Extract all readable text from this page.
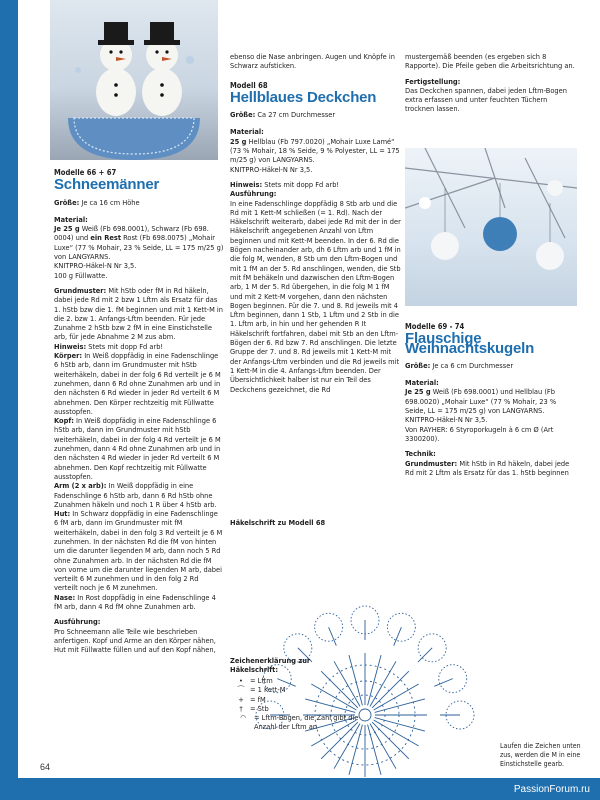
Modelle 66 + 67
Schneemänner

Größe: Je ca 16 cm Höhe

Material:
Je 25 g Weiß (Fb 698.0001), Schwarz (Fb 698. 0004) und ein Rest Rost (Fb 698.0075) „Mohair Luxe“ (77 % Mohair, 23 % Seide, LL = 175 m/25 g) von LANGYARNS.
KNITPRO-Häkel-N Nr 3,5.
100 g Füllwatte.

Grundmuster: Mit hStb oder fM in Rd häkeln, dabei jede Rd mit 2 bzw 1 Lftm als Ersatz für das 1. hStb bzw die 1. fM beginnen und mit 1 Kett-M in die 2. bzw 1. Anfangs-Lftm beenden. Für jede Zunahme 2 hStb bzw 2 fM in eine Einstichstelle arb, für jede Abnahme 2 M zus abm.
Hinweis: Stets mit dopp Fd arb!
Körper: In Weiß doppfädig in eine Fadenschlinge 6 hStb arb, dann im Grundmuster mit hStb weiterhäkeln, dabei in der folg 6 Rd verteilt je 6 M zunehmen, dann 6 Rd ohne Zunahmen arb und in den nächsten 6 Rd wieder in jeder Rd verteilt 6 M abnehmen. Den Körper rechtzeitig mit Füllwatte ausstopfen.
Kopf: In Weiß doppfädig in eine Fadenschlinge 6 hStb arb, dann im Grundmuster mit hStb weiterhäkeln, dabei in der folg 4 Rd verteilt je 6 M zunehmen, dann 4 Rd ohne Zunahmen arb und in den nächsten 4 Rd wieder in jeder Rd verteilt 6 M abnehmen. Den Kopf rechtzeitig mit Füllwatte ausstopfen.
Arm (2 x arb): In Weiß doppfädig in eine Fadenschlinge 6 hStb arb, dann 6 Rd hStb ohne Zunahmen häkeln und noch 1 R über 4 hStb arb.
Hut: In Schwarz doppfädig in eine Fadenschlinge 6 fM arb, dann im Grundmuster mit fM weiterhäkeln, dabei in den folg 3 Rd verteilt je 6 M zunehmen. In der nächsten Rd die fM von hinten um die darunter liegenden M arb, dann noch 5 Rd ohne Zunahmen arb. In der nächsten Rd die fM von vorne um die darunter liegenden M arb, dabei verteilt 6 M zunehmen und in den folg 2 Rd verteilt noch je 6 M zunehmen.
Nase: In Rost doppfädig in eine Fadenschlinge 4 fM arb, dann 4 Rd fM ohne Zunahmen arb.

Ausführung:
Pro Schneemann alle Teile wie beschrieben anfertigen. Kopf und Arme an den Körper nähen, Hut mit Füllwatte füllen und auf den Kopf nähen,

ebenso die Nase anbringen. Augen und Knöpfe in Schwarz aufsticken.

Modell 68
Hellblaues Deckchen

Größe: Ca 27 cm Durchmesser

Material:
25 g Hellblau (Fb 797.0020) „Mohair Luxe Lamé“ (73 % Mohair, 18 % Seide, 9 % Polyester, LL = 175 m/25 g) von LANGYARNS.
KNITPRO-Häkel-N Nr 3,5.

Hinweis: Stets mit dopp Fd arb!
Ausführung:
In eine Fadenschlinge doppfädig 8 Stb arb und die Rd mit 1 Kett-M schließen (= 1. Rd). Nach der Häkelschrift weiterarb, dabei jede Rd mit der in der Häkelschrift angegebenen Anzahl von Lftm beginnen und mit Kett-M beenden. In der 6. Rd die Bögen nacheinander arb, dh 6 Lftm arb und 1 fM in die folg M, wenden, 8 Stb um den Lftm-Bogen und mit 1 fM an der 5. Rd anschlingen, wenden, die Stb mit fM behäkeln und dazwischen den Lftm-Bogen arb, 1 M der 5. Rd übergehen, in die folg M 1 fM und mit 2 Kett-M vorgehen, dann den nächsten Bogen beginnen. Für die 7. und 8. Rd jeweils mit 4 Lftm beginnen, dann 1 Stb, 1 Lftm und 2 Stb in die 1. Lftm arb, in hin und her gehenden R It Häkelschrift fortfahren, dabei mit Stb an den Lftm-Bögen der 6. Rd bzw 7. Rd anschlingen. Die letzte Gruppe der 7. und 8. Rd jeweils mit 1 Kett-M mit der Anfangs-Lftm verbinden und die Rd jeweils mit 1 Kett-M in die 4. Anfangs-Lftm beenden. Der Übersichtlichkeit halber ist nur ein Teil des Deckchens gezeichnet, die Rd

mustergemäß beenden (es ergeben sich 8 Rapporte). Die Pfeile geben die Arbeitsrichtung an.

Fertigstellung:
Das Deckchen spannen, dabei jeden Lftm-Bogen extra erfassen und unter feuchten Tüchern trocknen lassen.

Modelle 69 - 74
Flauschige Weihnachtskugeln

Größe: Je ca 6 cm Durchmesser

Material:
Je 25 g Weiß (Fb 698.0001) und Hellblau (Fb 698.0020) „Mohair Luxe“ (77 % Mohair, 23 % Seide, LL = 175 m/25 g) von LANGYARNS.
KNITPRO-Häkel-N Nr 3,5.
Von RAYHER: 6 Styroporkugeln à 6 cm Ø (Art 3300200).

Technik:
Grundmuster: Mit hStb in Rd häkeln, dabei jede Rd mit 2 Lftm als Ersatz für das 1. hStb beginnen

Häkelschrift zu Modell 68
Zeichenerklärung zur Häkelschrift:
• = Lftm
⌒ = 1 Kett-M
+ = fM
† = Stb
◠	= Lftm-Bogen, die Zahl gibt die Anzahl der Lftm an
Laufen die Zeichen unten zus, werden die M in eine Einstichstelle gearb.
64
PassionForum.ru
